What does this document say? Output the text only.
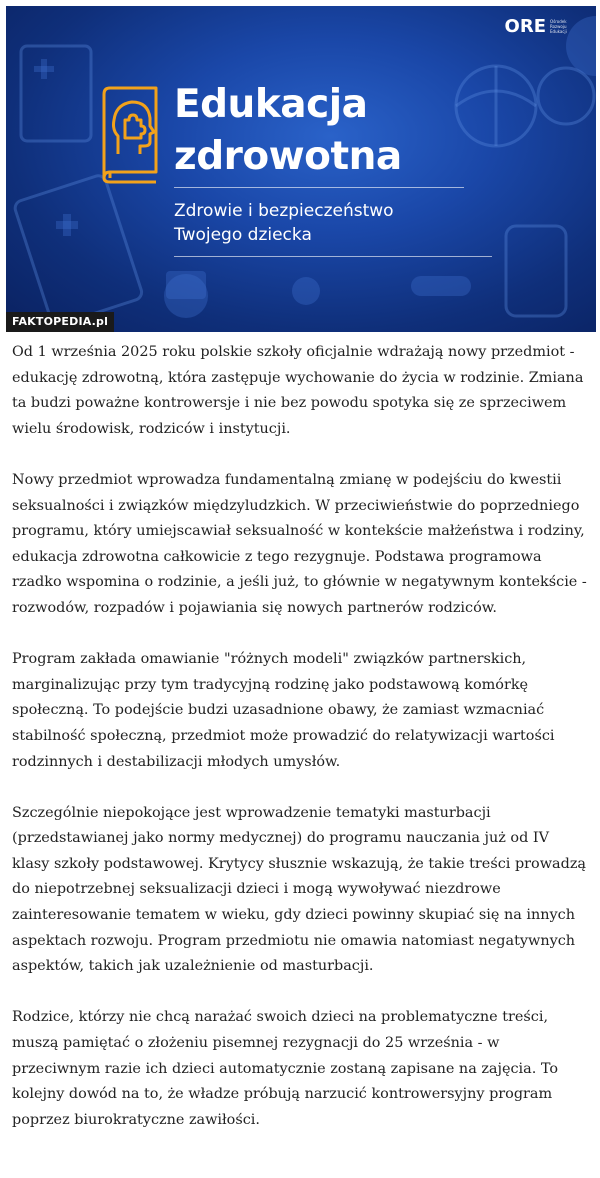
ORE Ośrodek Rozwoju Edukacji
Edukacja
zdrowotna
Zdrowie i bezpieczeństwo
Twojego dziecka
FAKTOPEDIA.pl

Od 1 września 2025 roku polskie szkoły oficjalnie wdrażają nowy przedmiot - edukację zdrowotną, która zastępuje wychowanie do życia w rodzinie. Zmiana ta budzi poważne kontrowersje i nie bez powodu spotyka się ze sprzeciwem wielu środowisk, rodziców i instytucji.

Nowy przedmiot wprowadza fundamentalną zmianę w podejściu do kwestii seksualności i związków międzyludzkich. W przeciwieństwie do poprzedniego programu, który umiejscawiał seksualność w kontekście małżeństwa i rodziny, edukacja zdrowotna całkowicie z tego rezygnuje. Podstawa programowa rzadko wspomina o rodzinie, a jeśli już, to głównie w negatywnym kontekście - rozwodów, rozpadów i pojawiania się nowych partnerów rodziców.

Program zakłada omawianie "różnych modeli" związków partnerskich, marginalizując przy tym tradycyjną rodzinę jako podstawową komórkę społeczną. To podejście budzi uzasadnione obawy, że zamiast wzmacniać stabilność społeczną, przedmiot może prowadzić do relatywizacji wartości rodzinnych i destabilizacji młodych umysłów.

Szczególnie niepokojące jest wprowadzenie tematyki masturbacji (przedstawianej jako normy medycznej) do programu nauczania już od IV klasy szkoły podstawowej. Krytycy słusznie wskazują, że takie treści prowadzą do niepotrzebnej seksualizacji dzieci i mogą wywoływać niezdrowe zainteresowanie tematem w wieku, gdy dzieci powinny skupiać się na innych aspektach rozwoju. Program przedmiotu nie omawia natomiast negatywnych aspektów, takich jak uzależnienie od masturbacji.

Rodzice, którzy nie chcą narażać swoich dzieci na problematyczne treści, muszą pamiętać o złożeniu pisemnej rezygnacji do 25 września - w przeciwnym razie ich dzieci automatycznie zostaną zapisane na zajęcia. To kolejny dowód na to, że władze próbują narzucić kontrowersyjny program poprzez biurokratyczne zawiłości.
